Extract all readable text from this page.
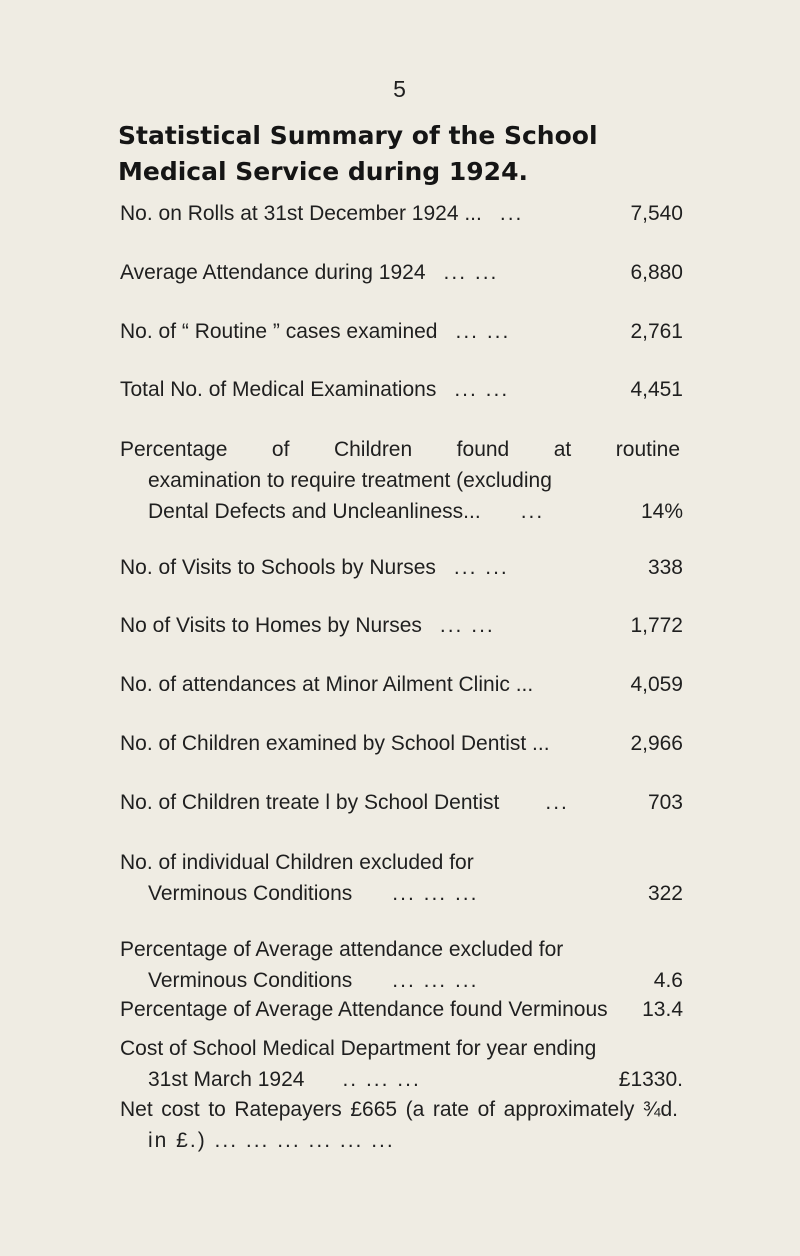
5
Statistical Summary of the School
Medical Service during 1924.
No. on Rolls at 31st December 1924 ... ...	7,540
Average Attendance during 1924 ... ...	6,880
No. of “ Routine ” cases examined ... ...	2,761
Total No. of Medical Examinations ... ...	4,451
Percentage of Children found at routine
examination to require treatment (excluding
Dental Defects and Uncleanliness... ...	14%
No. of Visits to Schools by Nurses ... ...	338
No of Visits to Homes by Nurses ... ...	1,772
No. of attendances at Minor Ailment Clinic ...	4,059
No. of Children examined by School Dentist ...	2,966
No. of Children treate l by School Dentist ...	703
No. of individual Children excluded for
Verminous Conditions ... ... ...	322
Percentage of Average attendance excluded for
Verminous Conditions ... ... ...	4.6
Percentage of Average Attendance found Verminous	13.4
Cost of School Medical Department for year ending
31st March 1924 .. ... ...	£1330.
Net cost to Ratepayers £665 (a rate of approximately ¾d.
in £.) ... ... ... ... ... ...
